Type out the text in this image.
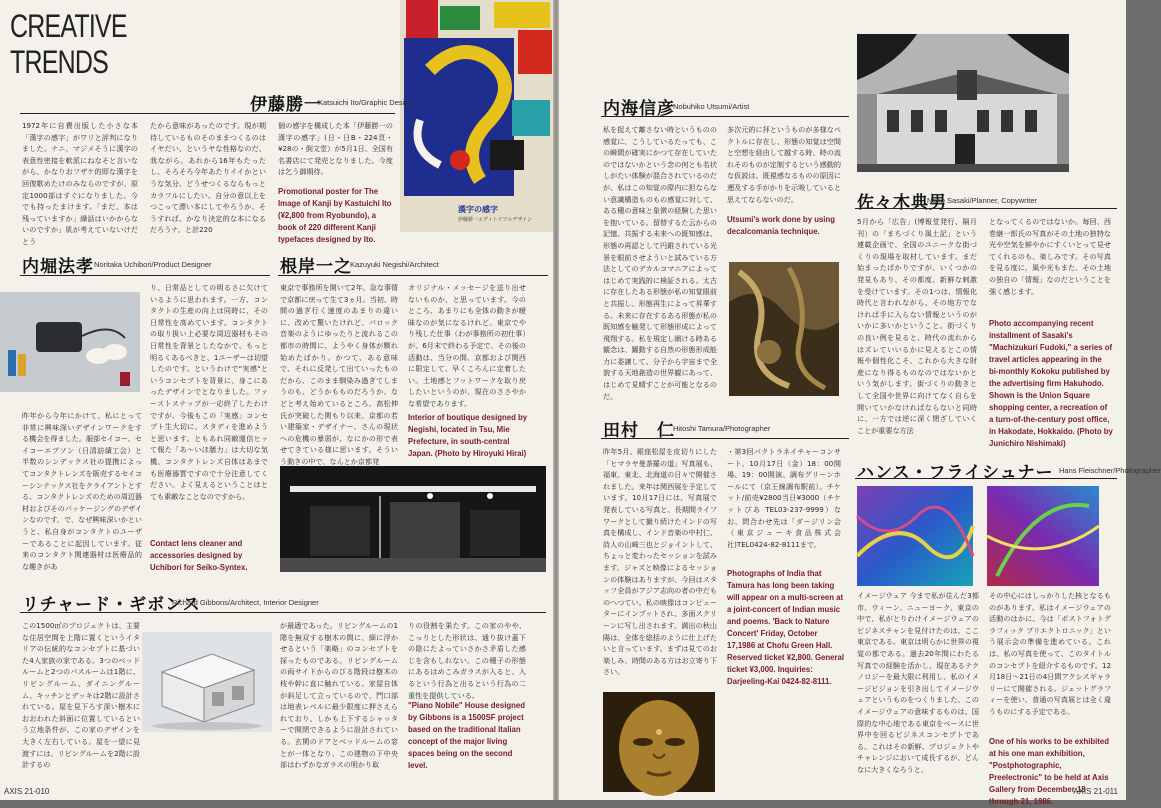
CREATIVE
TRENDS
漢字の感字
伊藤勝一エディトリアルデザイン
伊藤勝一
Katsuichi Ito/Graphic Designer
1972年に自費出版した小さな本「漢字の感字」がワリと評判になりました。ナニ、マジメそうに漢字の表意性密接を軟派にねなそと言いながら、かなりおフザケ的即な漢字を回復歌めたけのみならのですが、原定1000部はすぐになりました。今でも持ったまけます。「まだ、本は残っていますか」繰話はいかからないのですか」肌が考えていないけだとう
たから意味があったのです。現が期待しているものそのままつくるのはイヤだい、というヤな性格なのだ、我ながら。あれから16年もたったし、そろそろ今年あたりイイかというな気分。どうせつくるならもっとカラフルにしたい。自分の意以上をつこって漂い本にしてやろうか、そうすれば、かなり決定的な本になるだろうナ。と計220
個の感字を構成した本「伊藤勝一の漢字の感字」(日・日B・224頁・¥28の・倒文堂）が5月1日、全国有名書店にて発売となりました。今度は乞う御期待。
Promotional poster for The Image of Kanji by Kastuichi Ito (¥2,800 from Ryobundo), a book of 220 different Kanji typefaces designed by Ito.
内堀法孝 Noritaka Uchibori/Product Designer
り、日常品としての明るさに欠けているように思われます。一方、コンタクトの生産の向上は同時に、その日常性を高めています。コンタクトの取り扱い上必要な周辺器材もその日常性を背景としたなかで、もっと明るくあるべきと、1ユーザーは切望したのです。というわけで"実感"というコンセプトを背景に、身こにあったデザインでとなりました。ファーストステップが一応終了したわけですが、今後もこの「実感」コンセプト生大切に、スタディを進めようと思います。ともあれ同敵運信ヒッて報た「あ～いほ膳力」は大切な気機、コンタクトレンズ自体はあまでも医療器質ですので十分注意してください。よく見えるということはとても素敵なことなのですから。
昨年から今年にかけて、私にとって非常に興味深いデザインワークをする機会を得ました。服部セイコー、セイコーエプソン（日清訪績工会）と半数のシンデックス社の提携によってコンタクトレンズを販売するセイコーシンテックス社をクライアントとする、コンタクトレンズのための周辺器材およびそのパッケージングのデザインなのです。で、なぜ興味深いかというと、私自身がコンタクトのユーザーであることに起因しています。従来のコンタクト関連器材は医療品的な趣きがあ
Contact lens cleaner and accessories designed by Uchibori for Seiko-Syntex.
根岸一之
Kazuyuki Negishi/Architect
東京で事務所を開いて2年、急な事情で京都に戻って生て3ヵ月。当初、時間の過ぎ行く速度のあまりの違いに、改めて驚いたけれど、バロック音楽のようにゆったりと流れるこの都市の時間に、ようやく身体が馴れ始めたばかり。かつて、ある意味で、それに反発して出ていったものだから、このまま馴染み過ぎてしまうのも、どうかもものだろうか、などと考え始めているところ。高松伸氏が突破した関もり以来、京都の若い建築家・デザイナー、さんの現状への危機の暴弱が、なにかの形で表せてきている様に思います。そういう動きの中で、なんとか京都発
オリジナル・メッセージを送り出せないものか、と思っています。今のところ、あまりにも全体の動きが曖昧なのが気になるけれど。東京でやり残した仕事（わが事務所の初仕事）が、6月末で終わる予定で、その後の活動は、当分の間、京都および関西に限定して、早くころんに定着したい。土地感とフットワークを取り戻したいというのが、現在のささやかな希望であります。
Interior of boutique designed by Negishi, located in Tsu, Mie Prefecture, in south-central Japan. (Photo by Hiroyuki Hirai)
リチャード・ギボンス
Richard Gibbons/Architect, Interior Designer
この1500㎡のプロジェクトは、主要な住居空間を上階に置くというイタリアの伝統的なコンセプトに基づいた4人家族の家である。3つのベッドルームと2つのバスルームは1階に、リビングルーム、ダイニングルーム、キッチンとデッキは2階に設計されている。屋を見下ろす深い樹木におおわれた斜面に位置しているという立地条件が、この家のデザインを大きく左右している。屋を一望に見渡すには、リビングルームを2階に設計するの
が最適であった。リビングルームの1階を無双する樹木の間に、細に浮かせるという「楽略」のコンセプトを採ったものである。リビングルームの両サイドからのびる階段は樹木の枝や幹に直に触れている。家屋自体が斜足して立っているので、門口部は地表レベルに最少限度に押さえられており、しかも上下するシャッターで開閉できるように設計されている。玄関のドアとベッドルームの窓とが一体となり、この建物の下中央部はわずかなガラスの明かり取
りの役割を果たす。この家のやや、こっりとした形状は、通り抜け蓋下の陰にたよっていさかさ矛盾した感じを含もしれない。この種子の形態にあるはめこみガラスが入ると、入るという行為と出るという行為の二重性を提供している。
"Piano Nobile" House designed by Gibbons is a 1500SF project based on the traditional Italian concept of the major living spaces being on the second level.
AXIS 21-010
内海信彦
Nobuhiko Utsumi/Artist
私を捉えて離さない時というものの感覚に、こうしているたっても、この瞬間が確実にかつて存在していたのではないかという念の何とも名状しがたい体験が混合されているのだが、私はこの知覚の際内に担ならない意識構造ものもの感覚に対して、ある種の意味と象徴の経験した思いを抱いている。留替するた云からの記憶、共振する未来への既知感は、形態の再認として円錐されている光景を眼前させよういと試みている方法としてのデカルコマニアによってはじめて実践的に検証される。太古に存在したある形態が私の知覚眼前と共振し、形態再生によって昇華する。未来に存在するある形態が私の既知感を触発して形態形成によって飛翔する。私を規定し網ける時ある観念は、躍動する自然の形態形成能力に委譲して、分子から宇宙まで全貌する天地創造の世界観にあって、はじめて見晴すことが可能となるのだ。
多次元的に拝というものが多様なベクトルに存在し、形態の知覚は空間と空想を経由して越する時、時の流れそのものが定制するという感動的な仮説は、既視感なるものの原因に遡及する手がかりを示唆していると思えてならないのだ。
Utsumi's work done by using decalcomania technique.
佐々木典男
Norio Sasaki/Planner, Copywriter
5月から「広告」(博報堂発行、隔月刊）の「まちづくり風土記」という連載企画で、全国のユニークな街づくりの現場を取材しています。まだ始まったばかりですが、いくつかの発見もあり、その都度、新鮮な刺激を受けています。その1つは、情報化時代と言われながら、その地方でなければ手に入らない情報というのがいかに多いかということ。街づくりの良い例を見ると、時代の流れからはズレていいるかに見えるとこの情報や個性化こそ、これから大きな財産になり得るものなのではないかという気がします。街づくりの動きとして全国や世界に向けてなく自らを開いていかなければならないと同時に、一方では逆に深く閉ざしていくことが重要な方法
となってくるのではないか。毎回、西巻継一郎氏の写真がその土地の独特な光や空気を鮮やかにすくいとって見せてくれるのも、楽しみです。その写真を見る度に、風や光もまた、その土地の独自の「情報」なのだということを強く感じます。
Photo accompanying recent installment of Sasaki's "Machizukuri Fudoki," a series of travel articles appearing in the bi-monthly Kokoku published by the advertising firm Hakuhodo. Shown is the Union Square shopping center, a recreation of a turn-of-the-century post office, in Hakodate, Hokkaido. (Photo by Junichiro Nishimaki)
田村　仁
Hitoshi Tamura/Photographer
昨年5月、銀座松屋を皮切りにした「ヒマラヤ曼荼羅の道」写真展も、福東、東北、北海道の日々で開催されました。来年は関西展を予定しています。10月17日には、写真展で発表している写真と、長期間ライフワークとして撮り続けたインドの写真を構成し、インド音楽の中村仁、詩人の山崎三也とジョイントして、ちょっと変わったセッションを試みます。ジャズと映像によるセッションの体験はありますが、今回はスタッフ全員がアジア志向の者の中だものへつてい。私の映像はコンピューターにインプットされ、多面スクリーンに写し出されます。満出の秋山陽は、全体を総括のように仕上げたいと言っています。まずは見てのお楽しみ、時間のある方はお立寄り下さい。
・第3回パクトラネイチャーコンサート、10月17日（金）18：00開場、19：00開演、調布グリーンホールにて（京王線調布駅前）。チケット/前売¥2800当日¥3000（チケットぴあ TEL03-237-9999）なお、問合わせ先は「ダージリン会（東京ジューキ食品株式会社)TEL0424-82-8111まで。
Photographs of India that Tamura has long been taking will appear on a multi-screen at a joint-concert of Indian music and poems. 'Back to Nature Concert' Friday, October 17,1986 at Chofu Green Hall. Reserved ticket ¥2,800. General ticket ¥3,000. Inquiries: Darjeeling-Kai 0424-82-8111.
ハンス・フライシュナー Hans Fleischner/Photographer
イメージウェア 今まで私が住んだ3都市、ウィーン、ニューヨーク、東京の中で、私がとりわけイメージウェアのビジネスチャンを見付けたのは、ここ東京である。東京は明らかに世界の視覚の都である。過去20年間にわたる写真での経験を活かし、現在あるテクノロジーを最大限に利用し、私のイメージビジョンを引き出してイメージウェアというものをつくりました。このイメージウェアの意味するものは、国際的な中心地である東京をベースに世界中を回るビジネスコンセプトである。これはその新鮮、プロジェクトやチャレンジにおいて成長するが、どんなに大きくなろうと、
その中心にはしっかりした核となるものがあります。私はイメージウェアの活動のはかに、今は「ポストフォトグラフィック プリエクトロニック」という展示会の準備を進めている。これは、私の写真を使って、このタイトルのコンセプトを紹介するものです。12月18日～21日の4日間アクシスギャラリーにて開催される。ジェットグラフィーを使い、普通の写真展とは全く違うものにする予定である。
One of his works to be exhibited at his one man exhibition, "Postphotographic, Preelectronic" to be held at Axis Gallery from December 18 through 21, 1986.
AXIS 21-011
